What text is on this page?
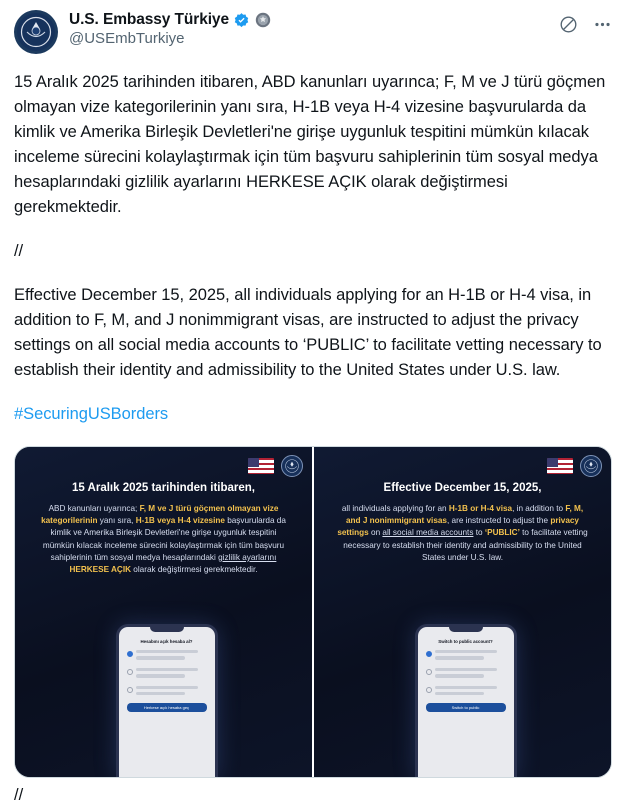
U.S. Embassy Türkiye
@USEmbTurkiye

15 Aralık 2025 tarihinden itibaren, ABD kanunları uyarınca; F, M ve J türü göçmen olmayan vize kategorilerinin yanı sıra, H-1B veya H-4 vizesine başvurularda da kimlik ve Amerika Birleşik Devletleri'ne girişe uygunluk tespitini mümkün kılacak inceleme sürecini kolaylaştırmak için tüm başvuru sahiplerinin tüm sosyal medya hesaplarındaki gizlilik ayarlarını HERKESE AÇIK olarak değiştirmesi gerekmektedir.

//

Effective December 15, 2025, all individuals applying for an H-1B or H-4 visa, in addition to F, M, and J nonimmigrant visas, are instructed to adjust the privacy settings on all social media accounts to ‘PUBLIC’ to facilitate vetting necessary to establish their identity and admissibility to the United States under U.S. law.

#SecuringUSBorders

15 Aralık 2025 tarihinden itibaren,
ABD kanunları uyarınca; F, M ve J türü göçmen olmayan vize kategorilerinin yanı sıra, H-1B veya H-4 vizesine başvurularda da kimlik ve Amerika Birleşik Devletleri'ne girişe uygunluk tespitini mümkün kılacak inceleme sürecini kolaylaştırmak için tüm başvuru sahiplerinin tüm sosyal medya hesaplarındaki gizlilik ayarlarını HERKESE AÇIK olarak değiştirmesi gerekmektedir.
Hesabını açık hesaba al?
Herkese açık hesaba geç
Effective December 15, 2025,
all individuals applying for an H-1B or H-4 visa, in addition to F, M, and J nonimmigrant visas, are instructed to adjust the privacy settings on all social media accounts to ‘PUBLIC’ to facilitate vetting necessary to establish their identity and admissibility to the United States under U.S. law.
Switch to public account?
Switch to public
//
